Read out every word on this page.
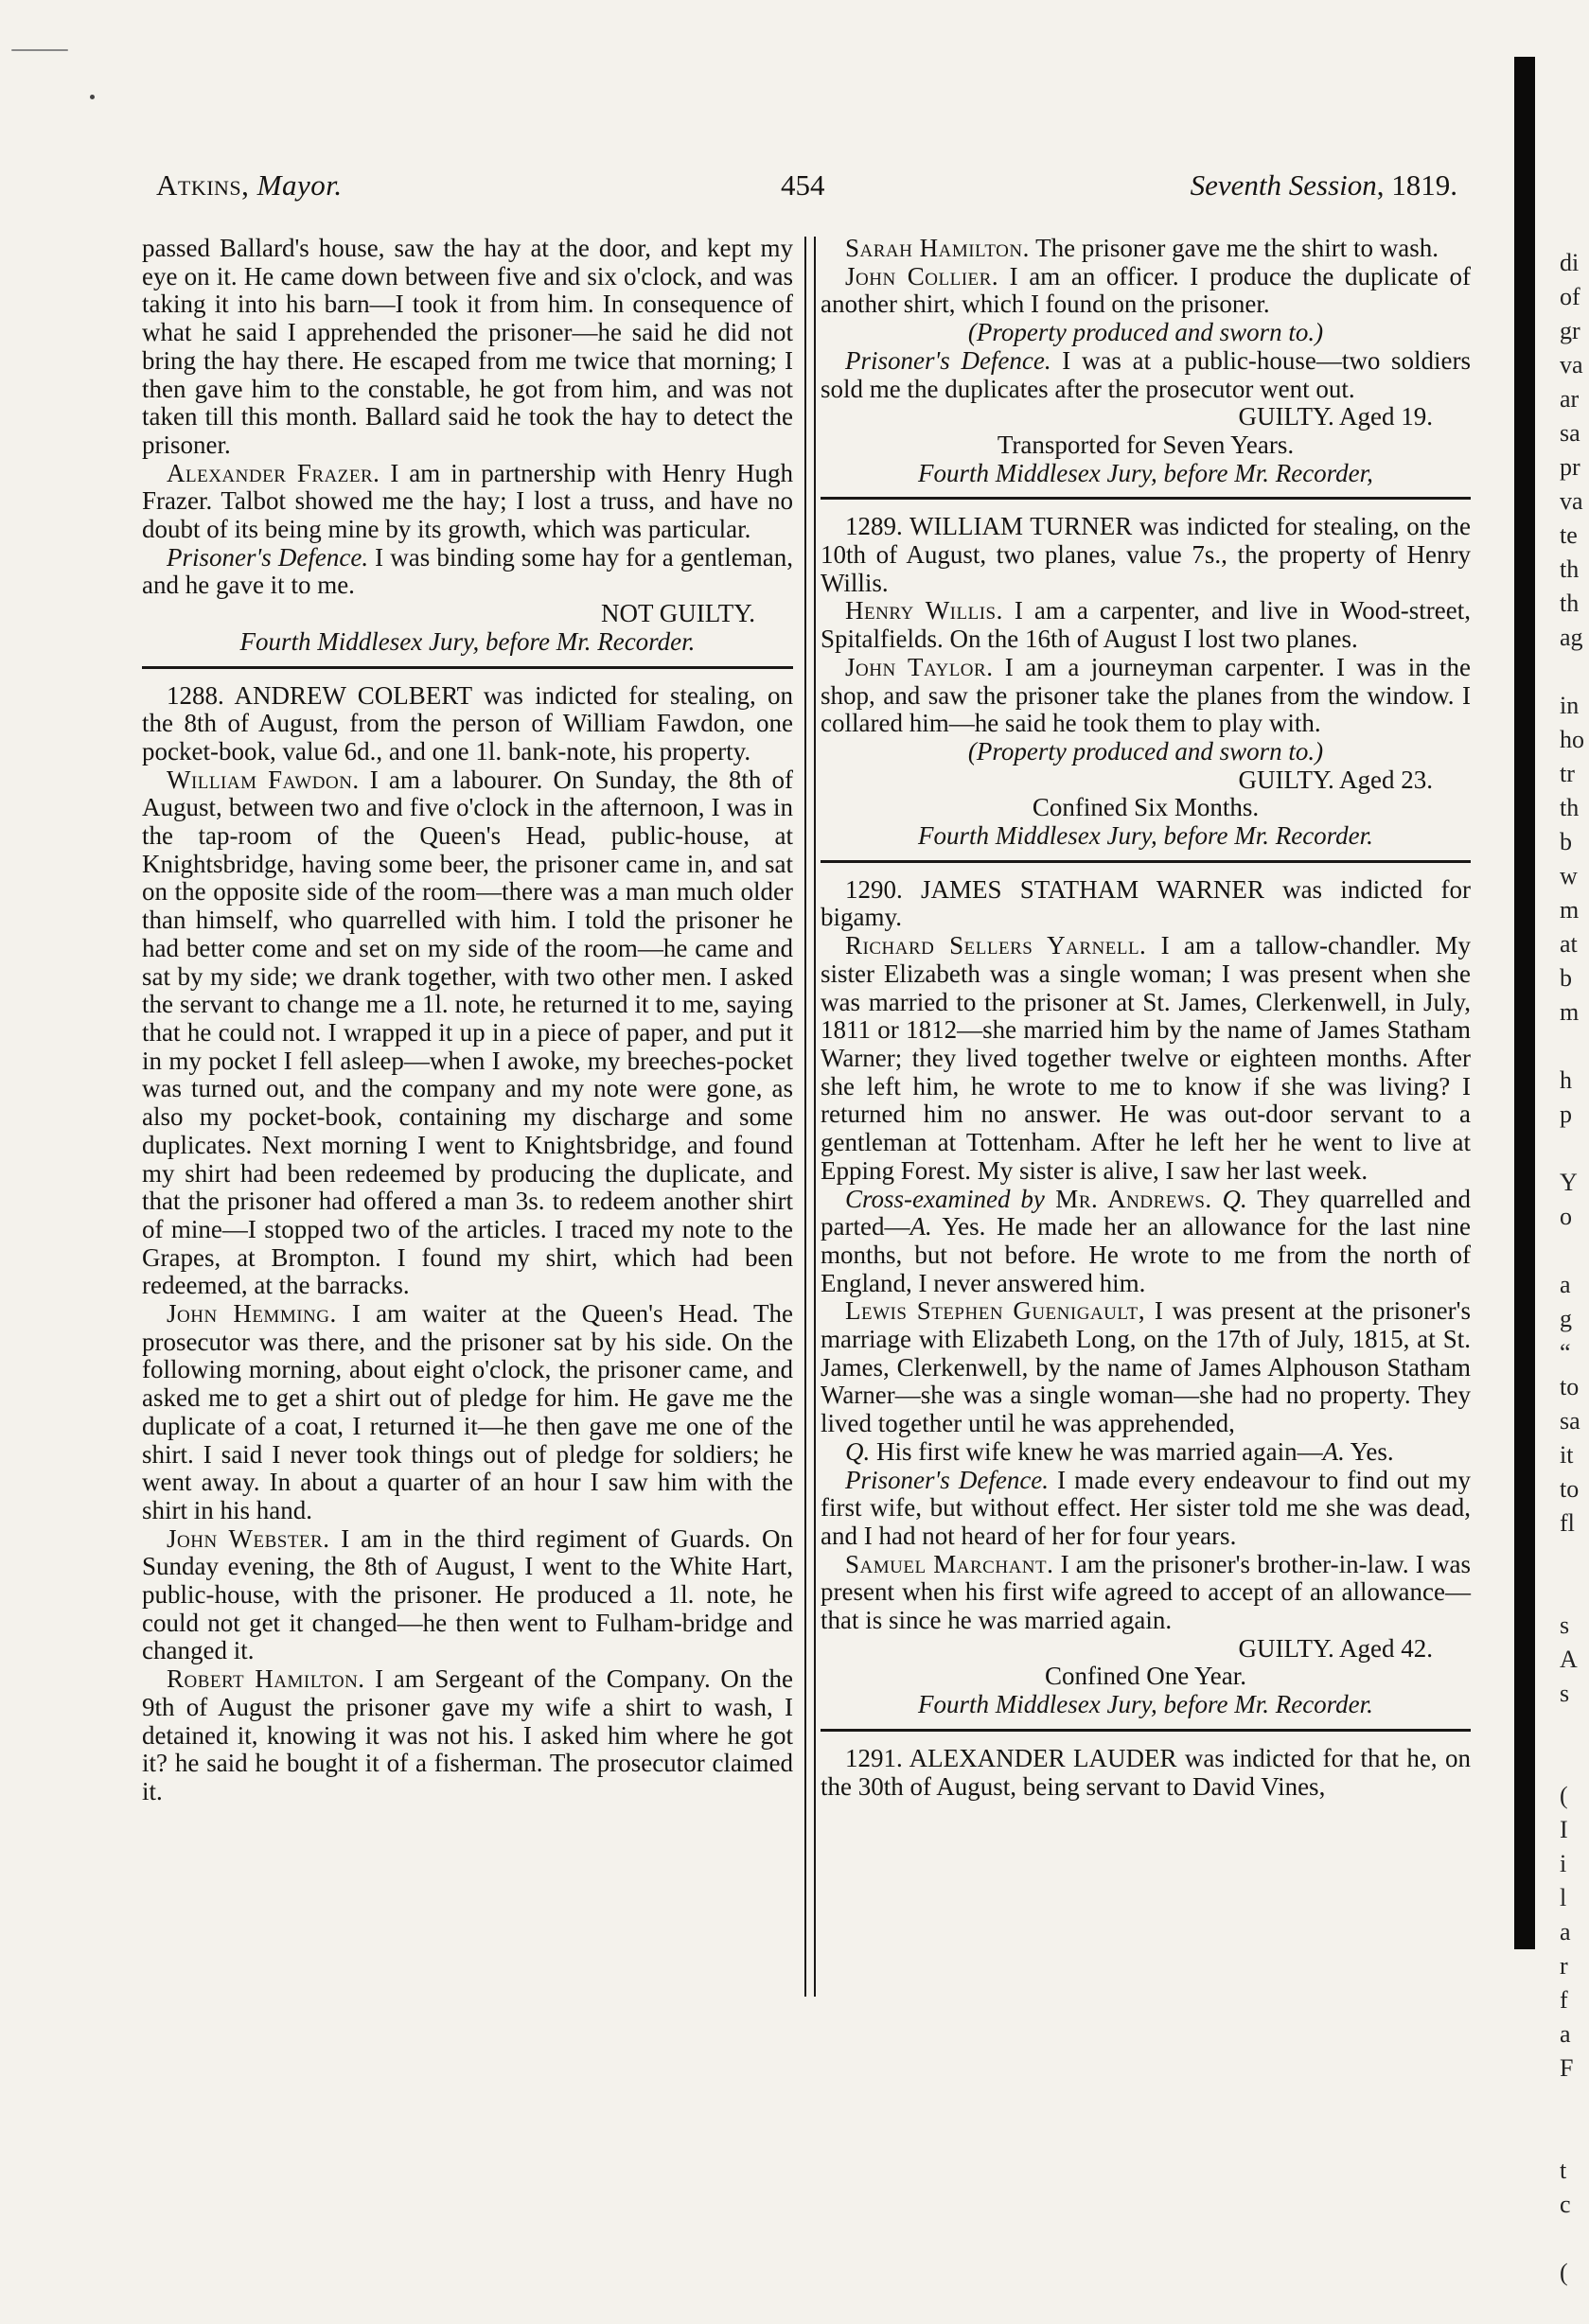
Atkins, Mayor.	454	Seventh Session, 1819.

passed Ballard's house, saw the hay at the door, and kept my eye on it. He came down between five and six o'clock, and was taking it into his barn—I took it from him. In consequence of what he said I apprehended the prisoner—he said he did not bring the hay there. He escaped from me twice that morning; I then gave him to the constable, he got from him, and was not taken till this month. Ballard said he took the hay to detect the prisoner.

Alexander Frazer. I am in partnership with Henry Hugh Frazer. Talbot showed me the hay; I lost a truss, and have no doubt of its being mine by its growth, which was particular.

Prisoner's Defence. I was binding some hay for a gentleman, and he gave it to me.

NOT GUILTY.

Fourth Middlesex Jury, before Mr. Recorder.

1288. ANDREW COLBERT was indicted for stealing, on the 8th of August, from the person of William Fawdon, one pocket-book, value 6d., and one 1l. bank-note, his property.

William Fawdon. I am a labourer. On Sunday, the 8th of August, between two and five o'clock in the afternoon, I was in the tap-room of the Queen's Head, public-house, at Knightsbridge, having some beer, the prisoner came in, and sat on the opposite side of the room—there was a man much older than himself, who quarrelled with him. I told the prisoner he had better come and set on my side of the room—he came and sat by my side; we drank together, with two other men. I asked the servant to change me a 1l. note, he returned it to me, saying that he could not. I wrapped it up in a piece of paper, and put it in my pocket I fell asleep—when I awoke, my breeches-pocket was turned out, and the company and my note were gone, as also my pocket-book, containing my discharge and some duplicates. Next morning I went to Knightsbridge, and found my shirt had been redeemed by producing the duplicate, and that the prisoner had offered a man 3s. to redeem another shirt of mine—I stopped two of the articles. I traced my note to the Grapes, at Brompton. I found my shirt, which had been redeemed, at the barracks.

John Hemming. I am waiter at the Queen's Head. The prosecutor was there, and the prisoner sat by his side. On the following morning, about eight o'clock, the prisoner came, and asked me to get a shirt out of pledge for him. He gave me the duplicate of a coat, I returned it—he then gave me one of the shirt. I said I never took things out of pledge for soldiers; he went away. In about a quarter of an hour I saw him with the shirt in his hand.

John Webster. I am in the third regiment of Guards. On Sunday evening, the 8th of August, I went to the White Hart, public-house, with the prisoner. He produced a 1l. note, he could not get it changed—he then went to Fulham-bridge and changed it.

Robert Hamilton. I am Sergeant of the Company. On the 9th of August the prisoner gave my wife a shirt to wash, I detained it, knowing it was not his. I asked him where he got it? he said he bought it of a fisherman. The prosecutor claimed it.

Sarah Hamilton. The prisoner gave me the shirt to wash.

John Collier. I am an officer. I produce the duplicate of another shirt, which I found on the prisoner.

(Property produced and sworn to.)

Prisoner's Defence. I was at a public-house—two soldiers sold me the duplicates after the prosecutor went out.

GUILTY. Aged 19.

Transported for Seven Years.

Fourth Middlesex Jury, before Mr. Recorder,

1289. WILLIAM TURNER was indicted for stealing, on the 10th of August, two planes, value 7s., the property of Henry Willis.

Henry Willis. I am a carpenter, and live in Wood-street, Spitalfields. On the 16th of August I lost two planes.

John Taylor. I am a journeyman carpenter. I was in the shop, and saw the prisoner take the planes from the window. I collared him—he said he took them to play with.

(Property produced and sworn to.)

GUILTY. Aged 23.

Confined Six Months.

Fourth Middlesex Jury, before Mr. Recorder.

1290. JAMES STATHAM WARNER was indicted for bigamy.

Richard Sellers Yarnell. I am a tallow-chandler. My sister Elizabeth was a single woman; I was present when she was married to the prisoner at St. James, Clerkenwell, in July, 1811 or 1812—she married him by the name of James Statham Warner; they lived together twelve or eighteen months. After she left him, he wrote to me to know if she was living? I returned him no answer. He was out-door servant to a gentleman at Tottenham. After he left her he went to live at Epping Forest. My sister is alive, I saw her last week.

Cross-examined by Mr. Andrews. Q. They quarrelled and parted—A. Yes. He made her an allowance for the last nine months, but not before. He wrote to me from the north of England, I never answered him.

Lewis Stephen Guenigault, I was present at the prisoner's marriage with Elizabeth Long, on the 17th of July, 1815, at St. James, Clerkenwell, by the name of James Alphouson Statham Warner—she was a single woman—she had no property. They lived together until he was apprehended,

Q. His first wife knew he was married again—A. Yes.

Prisoner's Defence. I made every endeavour to find out my first wife, but without effect. Her sister told me she was dead, and I had not heard of her for four years.

Samuel Marchant. I am the prisoner's brother-in-law. I was present when his first wife agreed to accept of an allowance—that is since he was married again.

GUILTY. Aged 42.

Confined One Year.

Fourth Middlesex Jury, before Mr. Recorder.

1291. ALEXANDER LAUDER was indicted for that he, on the 30th of August, being servant to David Vines,

di
of
gr
va
ar
sa
pr
va
te
th
th
ag
in
ho
tr
th
b
w
m
at
b
m
h
p
Y
o
a
g
“
to
sa
it
to
fl
s
A
s
(
I
i
l
a
r
f
a
F
t
c
(
